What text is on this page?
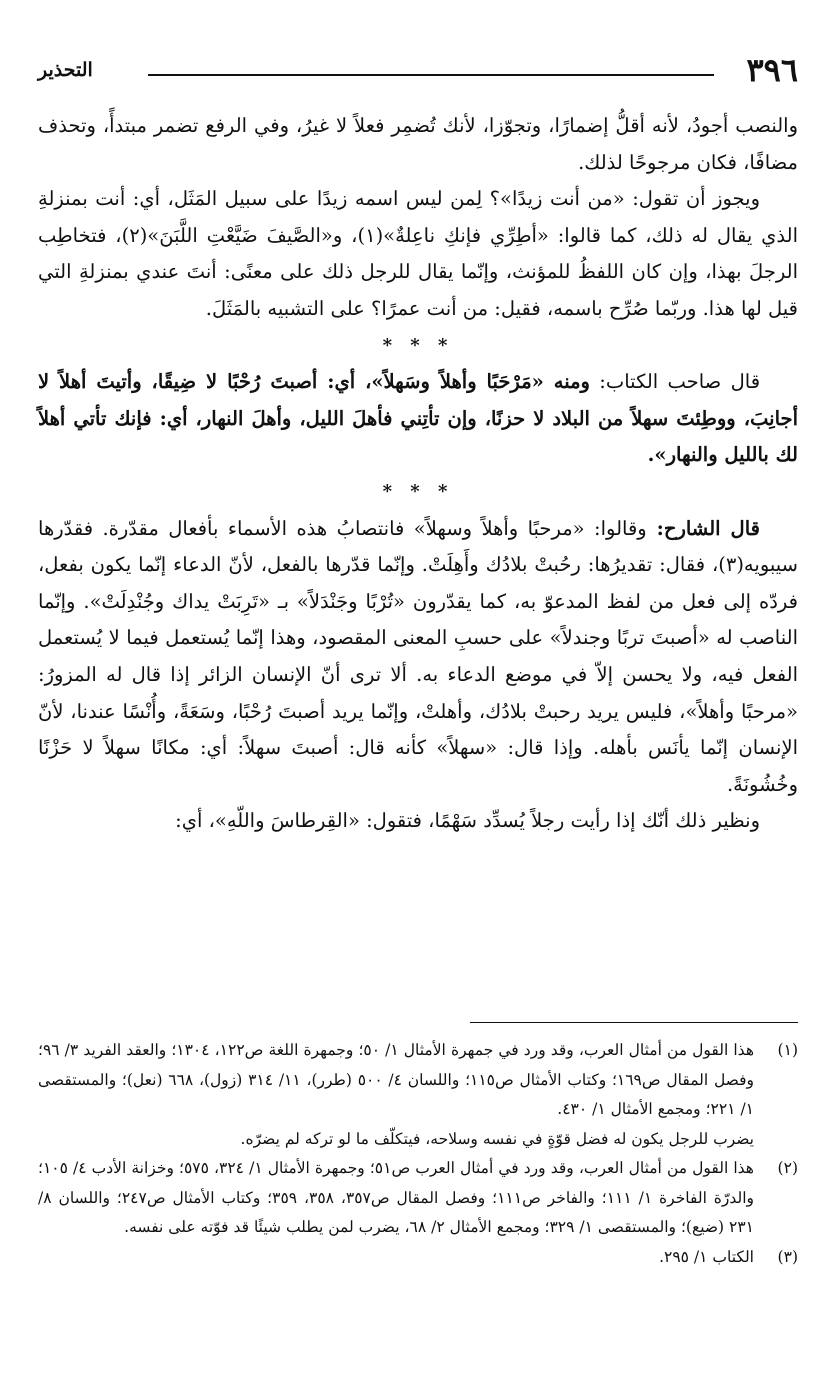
٣٩٦
التحذير

والنصب أجودُ، لأنه أقلُّ إضمارًا، وتجوّزا، لأنك تُضمِر فعلاً لا غيرُ، وفي الرفع تضمر مبتدأً، وتحذف مضافًا، فكان مرجوحًا لذلك.

ويجوز أن تقول: «من أنت زيدًا»؟ لِمن ليس اسمه زيدًا على سبيل المَثَل، أي: أنت بمنزلةِ الذي يقال له ذلك، كما قالوا: «أطِرِّي فإنكِ ناعِلةٌ»(١)، و«الصَّيفَ ضَيَّعْتِ اللَّبَنَ»(٢)، فتخاطِب الرجلَ بهذا، وإن كان اللفظُ للمؤنث، وإنّما يقال للرجل ذلك على معنًى: أنتَ عندي بمنزلةِ التي قيل لها هذا. وربّما صُرِّح باسمه، فقيل: من أنت عمرًا؟ على التشبيه بالمَثَلَ.

* * *

قال صاحب الكتاب: ومنه «مَرْحَبًا وأهلاً وسَهلاً»، أي: أصبتَ رُحْبًا لا ضِيقًا، وأتيتَ أهلاً لا أجانِبَ، ووطِئتَ سهلاً من البلاد لا حزنًا، وإن تأتِني فأهلَ الليل، وأهلَ النهار، أي: فإنك تأتي أهلاً لك بالليل والنهار».

* * *

قال الشارح: وقالوا: «مرحبًا وأهلاً وسهلاً» فانتصابُ هذه الأسماء بأفعال مقدّرة. فقدّرها سيبويه(٣)، فقال: تقديرُها: رحُبتْ بلادُك وأَهِلَتْ. وإنّما قدّرها بالفعل، لأنّ الدعاء إنّما يكون بفعل، فردّه إلى فعل من لفظ المدعوّ به، كما يقدّرون «تُرْبًا وجَنْدَلاً» بـ «تَرِبَتْ يداك وجُنْدِلَتْ». وإنّما الناصب له «أصبتَ تربًا وجندلاً» على حسبِ المعنى المقصود، وهذا إنّما يُستعمل فيما لا يُستعمل الفعل فيه، ولا يحسن إلاّ في موضع الدعاء به. ألا ترى أنّ الإنسان الزائر إذا قال له المزورُ: «مرحبًا وأهلاً»، فليس يريد رحبتْ بلادُك، وأهلتْ، وإنّما يريد أصبتَ رُحْبًا، وسَعَةً، وأُنْسًا عندنا، لأنّ الإنسان إنّما يأنَس بأهله. وإذا قال: «سهلاً» كأنه قال: أصبتَ سهلاً: أي: مكانًا سهلاً لا حَزْنًا وخُشُونَةً.

ونظير ذلك أنّك إذا رأيت رجلاً يُسدِّد سَهْمًا، فتقول: «القِرطاسَ واللّهِ»، أي:

(١)
هذا القول من أمثال العرب، وقد ورد في جمهرة الأمثال ١/ ٥٠؛ وجمهرة اللغة ص١٢٢، ١٣٠٤؛ والعقد الفريد ٣/ ٩٦؛ وفصل المقال ص١٦٩؛ وكتاب الأمثال ص١١٥؛ واللسان ٤/ ٥٠٠ (طرر)، ١١/ ٣١٤ (زول)، ٦٦٨ (نعل)؛ والمستقصى ١/ ٢٢١؛ ومجمع الأمثال ١/ ٤٣٠.
يضرب للرجل يكون له فضل قوّةٍ في نفسه وسلاحه، فيتكلّف ما لو تركه لم يضرّه.
(٢)
هذا القول من أمثال العرب، وقد ورد في أمثال العرب ص٥١؛ وجمهرة الأمثال ١/ ٣٢٤، ٥٧٥؛ وخزانة الأدب ٤/ ١٠٥؛ والدرّة الفاخرة ١/ ١١١؛ والفاخر ص١١١؛ وفصل المقال ص٣٥٧، ٣٥٨، ٣٥٩؛ وكتاب الأمثال ص٢٤٧؛ واللسان ٨/ ٢٣١ (ضيع)؛ والمستقصى ١/ ٣٢٩؛ ومجمع الأمثال ٢/ ٦٨، يضرب لمن يطلب شيئًا قد فوّته على نفسه.
(٣)
الكتاب ١/ ٢٩٥.
